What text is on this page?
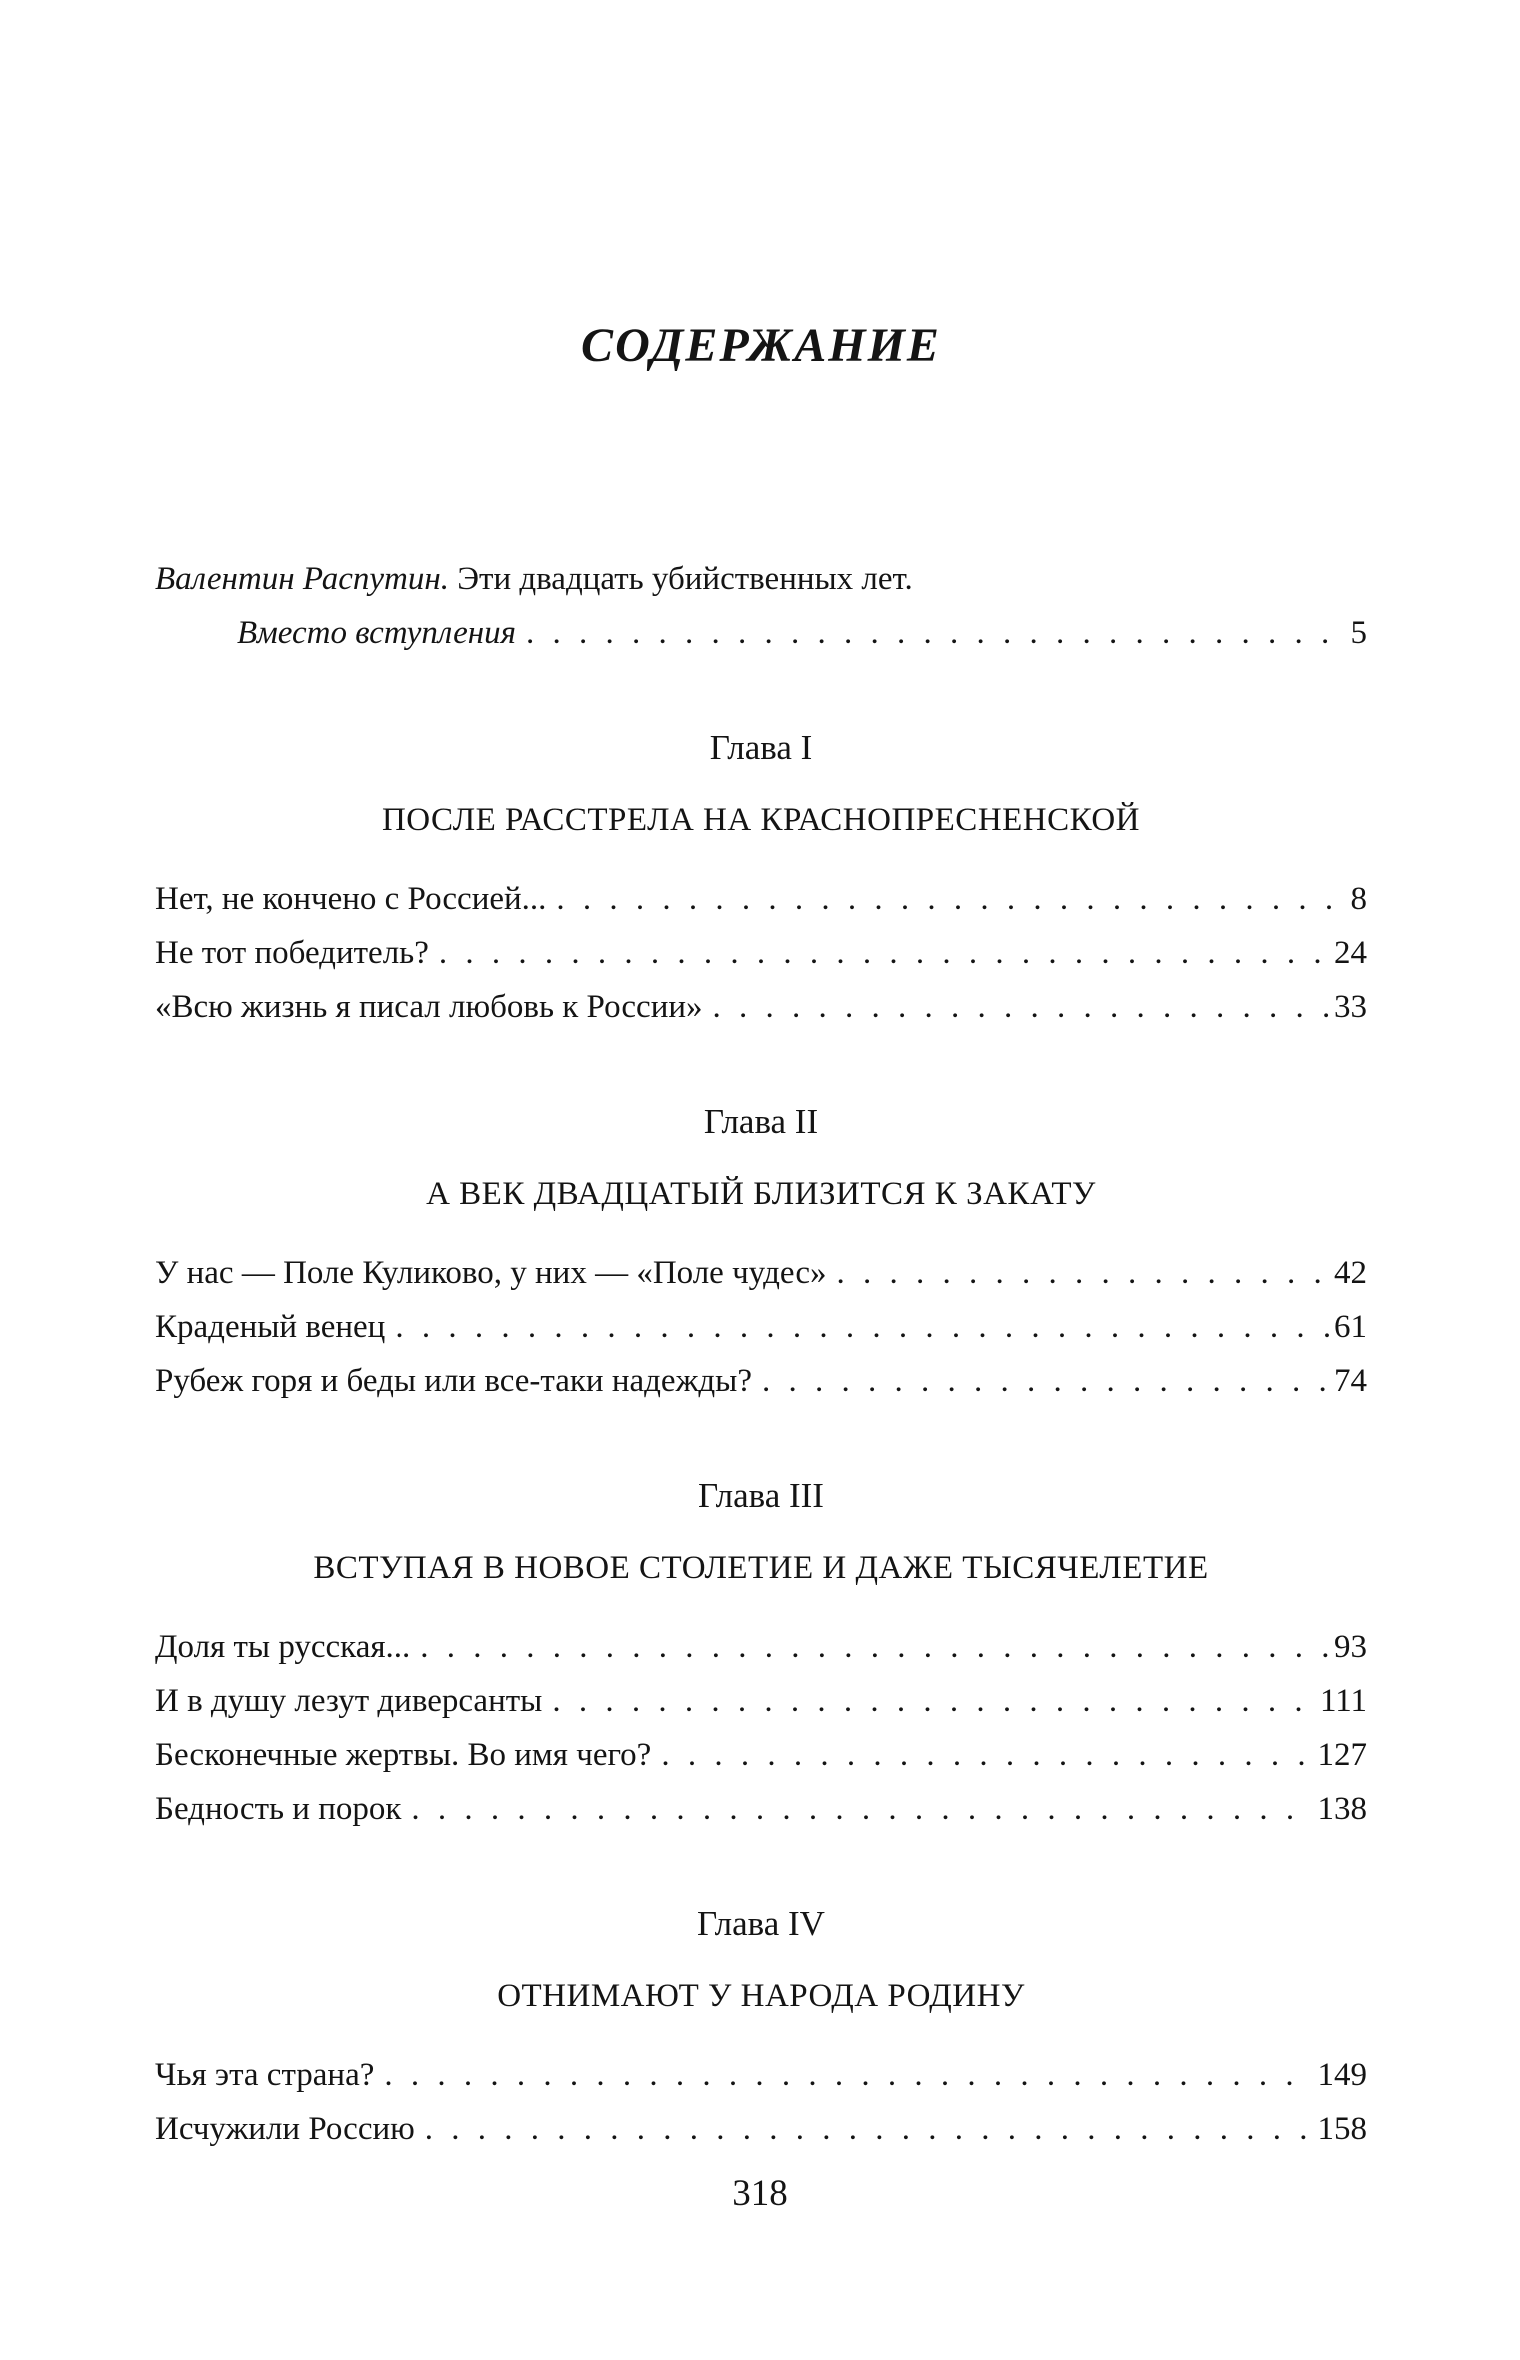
СОДЕРЖАНИЕ
Валентин Распутин. Эти двадцать убийственных лет.
Вместо вступления . . .	5
Глава I
ПОСЛЕ РАССТРЕЛА НА КРАСНОПРЕСНЕНСКОЙ
Нет, не кончено с Россией... . . .	8
Не тот победитель? . . .	24
«Всю жизнь я писал любовь к России» . . .	33
Глава II
А ВЕК ДВАДЦАТЫЙ БЛИЗИТСЯ К ЗАКАТУ
У нас — Поле Куликово, у них — «Поле чудес» . . .	42
Краденый венец . . .	61
Рубеж горя и беды или все-таки надежды? . . .	74
Глава III
ВСТУПАЯ В НОВОЕ СТОЛЕТИЕ И ДАЖЕ ТЫСЯЧЕЛЕТИЕ
Доля ты русская... . . .	93
И в душу лезут диверсанты . . .	111
Бесконечные жертвы. Во имя чего? . . .	127
Бедность и порок . . .	138
Глава IV
ОТНИМАЮТ У НАРОДА РОДИНУ
Чья эта страна? . . .	149
Исчужили Россию . . .	158
318
